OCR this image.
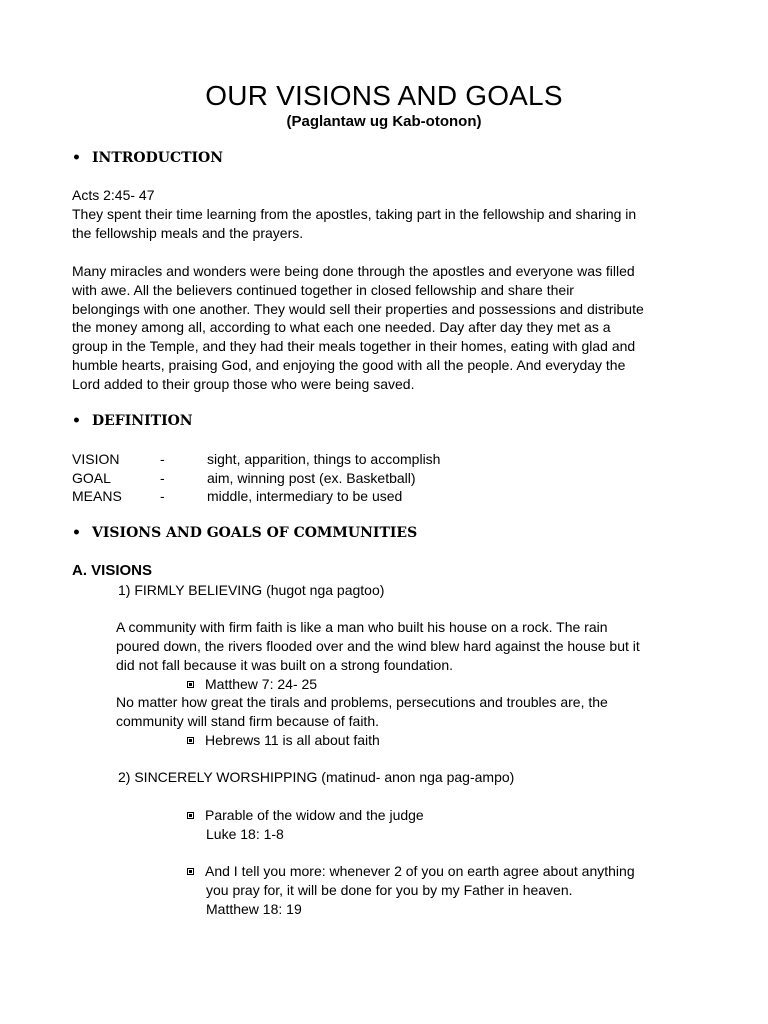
OUR VISIONS AND GOALS
(Paglantaw ug Kab-otonon)
• INTRODUCTION
Acts 2:45- 47
They spent their time learning from the apostles, taking part in the fellowship and sharing in
the fellowship meals and the prayers.
Many miracles and wonders were being done through the apostles and everyone was filled
with awe. All the believers continued together in closed fellowship and share their
belongings with one another. They would sell their properties and possessions and distribute
the money among all, according to what each one needed. Day after day they met as a
group in the Temple, and they had their meals together in their homes, eating with glad and
humble hearts, praising God, and enjoying the good with all the people. And everyday the
Lord added to their group those who were being saved.
• DEFINITION
VISION	-	sight, apparition, things to accomplish
GOAL	-	aim, winning post (ex. Basketball)
MEANS	-	middle, intermediary to be used
• VISIONS AND GOALS OF COMMUNITIES
A. VISIONS
1) FIRMLY BELIEVING (hugot nga pagtoo)
A community with firm faith is like a man who built his house on a rock. The rain
poured down, the rivers flooded over and the wind blew hard against the house but it
did not fall because it was built on a strong foundation.
Matthew 7: 24- 25
No matter how great the tirals and problems, persecutions and troubles are, the
community will stand firm because of faith.
Hebrews 11 is all about faith
2) SINCERELY WORSHIPPING (matinud- anon nga pag-ampo)
Parable of the widow and the judge
Luke 18: 1-8
And I tell you more: whenever 2 of you on earth agree about anything
you pray for, it will be done for you by my Father in heaven.
Matthew 18: 19
